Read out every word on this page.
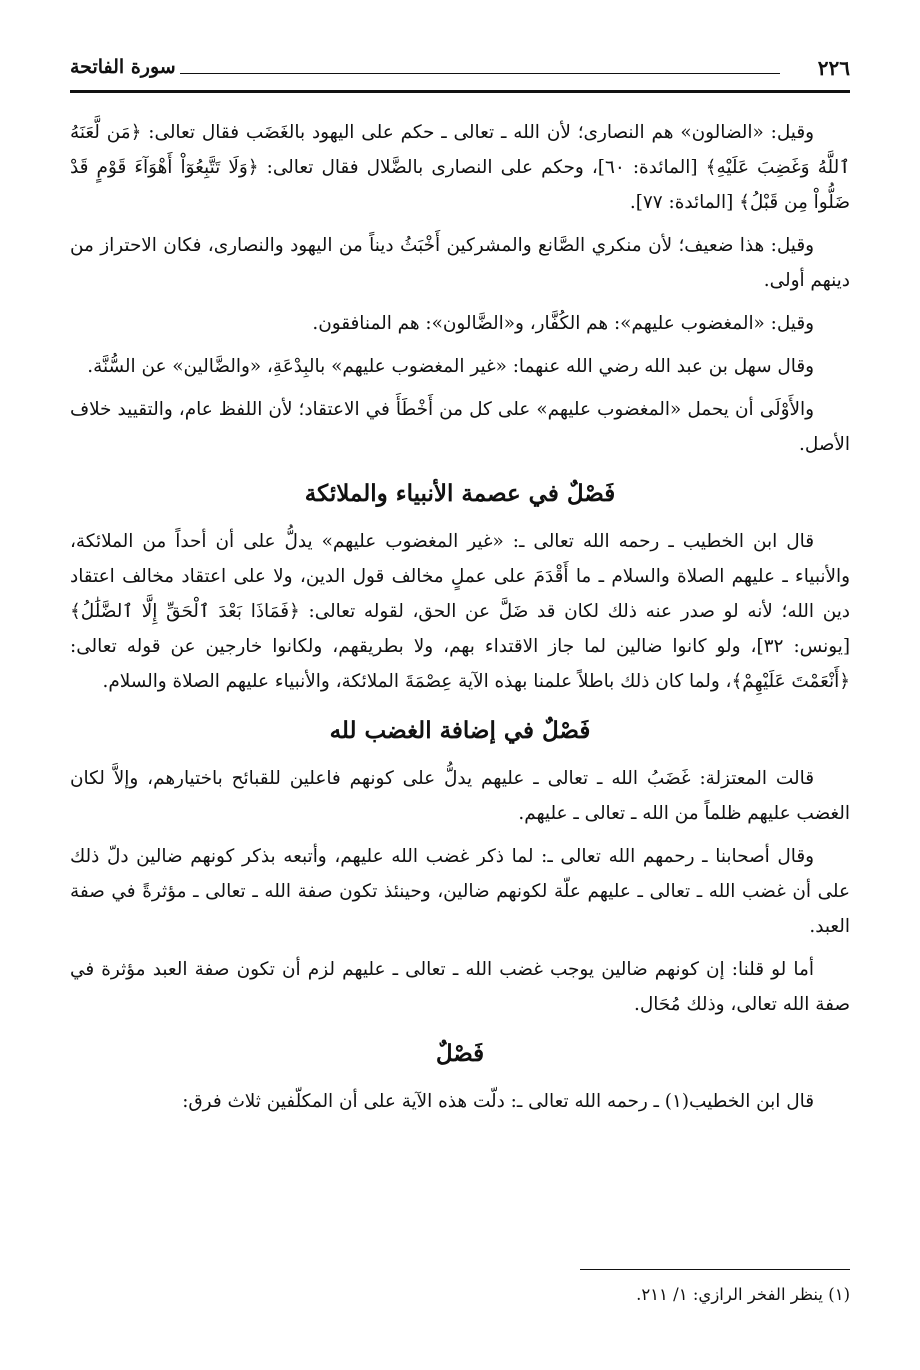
٢٢٦
سورة الفاتحة

وقيل: «الضالون» هم النصارى؛ لأن الله ـ تعالى ـ حكم على اليهود بالغَضَب فقال تعالى: ﴿مَن لَّعَنَهُ ٱللَّهُ وَغَضِبَ عَلَيْهِ﴾ [المائدة: ٦٠]، وحكم على النصارى بالضَّلال فقال تعالى: ﴿وَلَا تَتَّبِعُوٓاْ أَهْوَآءَ قَوْمٍ قَدْ ضَلُّواْ مِن قَبْلُ﴾ [المائدة: ٧٧].

وقيل: هذا ضعيف؛ لأن منكري الصَّانع والمشركين أَخْبَثُ ديناً من اليهود والنصارى، فكان الاحتراز من دينهم أولى.

وقيل: «المغضوب عليهم»: هم الكُفَّار، و«الضَّالون»: هم المنافقون.

وقال سهل بن عبد الله رضي الله عنهما: «غير المغضوب عليهم» بالبِدْعَةِ، «والضَّالين» عن السُّنَّة.

والأَوْلَى أن يحمل «المغضوب عليهم» على كل من أَخْطَأَ في الاعتقاد؛ لأن اللفظ عام، والتقييد خلاف الأصل.

فَصْلٌ في عصمة الأنبياء والملائكة

قال ابن الخطيب ـ رحمه الله تعالى ـ: «غير المغضوب عليهم» يدلُّ على أن أحداً من الملائكة، والأنبياء ـ عليهم الصلاة والسلام ـ ما أَقْدَمَ على عملٍ مخالف قول الدين، ولا على اعتقاد مخالف اعتقاد دين الله؛ لأنه لو صدر عنه ذلك لكان قد ضَلَّ عن الحق، لقوله تعالى: ﴿فَمَاذَا بَعْدَ ٱلْحَقِّ إِلَّا ٱلضَّلَٰلُ﴾ [يونس: ٣٢]، ولو كانوا ضالين لما جاز الاقتداء بهم، ولا بطريقهم، ولكانوا خارجين عن قوله تعالى: ﴿أَنْعَمْتَ عَلَيْهِمْ﴾، ولما كان ذلك باطلاً علمنا بهذه الآية عِصْمَةَ الملائكة، والأنبياء عليهم الصلاة والسلام.

فَصْلٌ في إضافة الغضب لله

قالت المعتزلة: غَضَبُ الله ـ تعالى ـ عليهم يدلُّ على كونهم فاعلين للقبائح باختيارهم، وإلاَّ لكان الغضب عليهم ظلماً من الله ـ تعالى ـ عليهم.

وقال أصحابنا ـ رحمهم الله تعالى ـ: لما ذكر غضب الله عليهم، وأتبعه بذكر كونهم ضالين دلّ ذلك على أن غضب الله ـ تعالى ـ عليهم علّة لكونهم ضالين، وحينئذ تكون صفة الله ـ تعالى ـ مؤثرةً في صفة العبد.

أما لو قلنا: إن كونهم ضالين يوجب غضب الله ـ تعالى ـ عليهم لزم أن تكون صفة العبد مؤثرة في صفة الله تعالى، وذلك مُحَال.

فَصْلٌ

قال ابن الخطيب(١) ـ رحمه الله تعالى ـ: دلّت هذه الآية على أن المكلّفين ثلاث فرق:

(١) ينظر الفخر الرازي: ١/ ٢١١.
